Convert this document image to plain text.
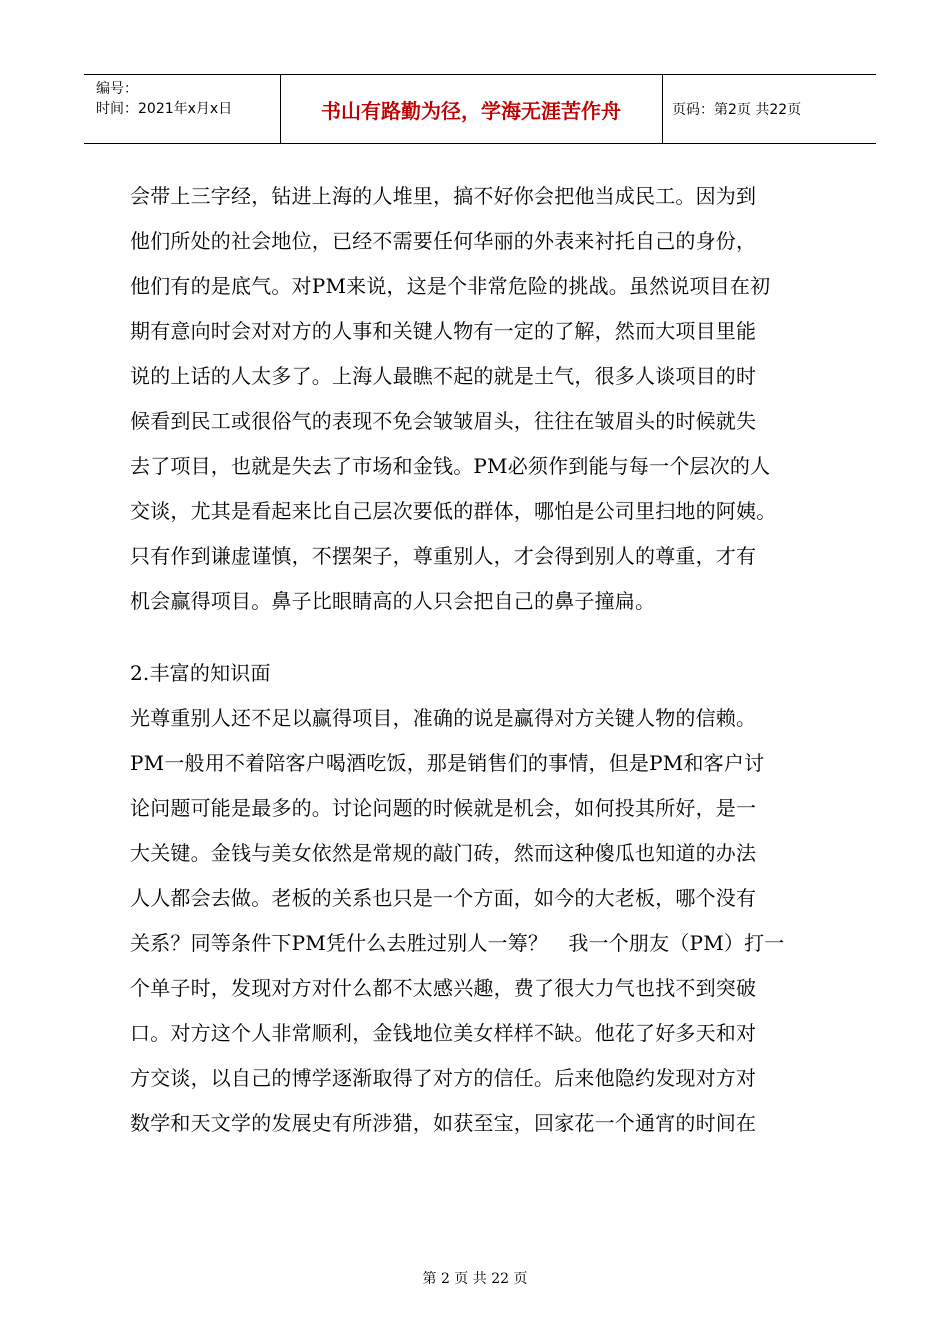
编号：
时间：2021年x月x日	书山有路勤为径，学海无涯苦作舟	页码：第2页 共22页
会带上三字经，钻进上海的人堆里，搞不好你会把他当成民工。因为到
他们所处的社会地位，已经不需要任何华丽的外表来衬托自己的身份，
他们有的是底气。对PM来说，这是个非常危险的挑战。虽然说项目在初
期有意向时会对对方的人事和关键人物有一定的了解，然而大项目里能
说的上话的人太多了。上海人最瞧不起的就是土气，很多人谈项目的时
候看到民工或很俗气的表现不免会皱皱眉头，往往在皱眉头的时候就失
去了项目，也就是失去了市场和金钱。PM必须作到能与每一个层次的人
交谈，尤其是看起来比自己层次要低的群体，哪怕是公司里扫地的阿姨。
只有作到谦虚谨慎，不摆架子，尊重别人，才会得到别人的尊重，才有
机会赢得项目。鼻子比眼睛高的人只会把自己的鼻子撞扁。
2.丰富的知识面
光尊重别人还不足以赢得项目，准确的说是赢得对方关键人物的信赖。
PM一般用不着陪客户喝酒吃饭，那是销售们的事情，但是PM和客户讨
论问题可能是最多的。讨论问题的时候就是机会，如何投其所好，是一
大关键。金钱与美女依然是常规的敲门砖，然而这种傻瓜也知道的办法
人人都会去做。老板的关系也只是一个方面，如今的大老板，哪个没有
关系？同等条件下PM凭什么去胜过别人一筹？　我一个朋友（PM）打一
个单子时，发现对方对什么都不太感兴趣，费了很大力气也找不到突破
口。对方这个人非常顺利，金钱地位美女样样不缺。他花了好多天和对
方交谈，以自己的博学逐渐取得了对方的信任。后来他隐约发现对方对
数学和天文学的发展史有所涉猎，如获至宝，回家花一个通宵的时间在
第 2 页 共 22 页
